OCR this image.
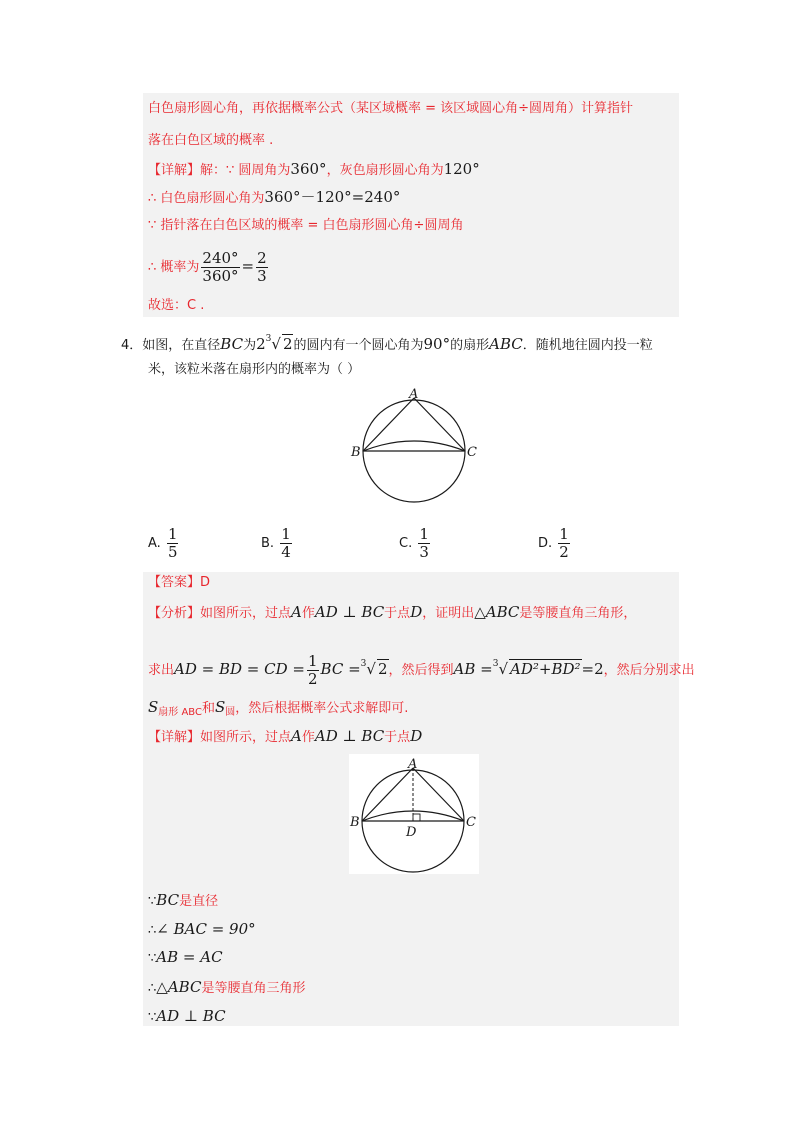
白色扇形圆心角，再依据概率公式（某区域概率 = 该区域圆心角÷圆周角）计算指针
落在白色区域的概率 .
【详解】解：∵ 圆周角为360°，灰色扇形圆心角为120°
∴ 白色扇形圆心角为360°－120°=240°
∵ 指针落在白色区域的概率 = 白色扇形圆心角÷圆周角
∴ 概率为 $\frac{240^\circ}{360^\circ} = \frac{2}{3}$
故选：C .
4．如图，在直径BC为$2^3√$ 2的圆内有一个圆心角为90°的扇形ABC．随机地往圆内投一粒
米，该粒米落在扇形内的概率为（ ）
A
B	C
A. $\frac{1}{5}$	B. $\frac{1}{4}$	C. $\frac{1}{3}$	D. $\frac{1}{2}$
【答案】D
【分析】如图所示，过点A作AD ⊥ BC于点D，证明出△ABC是等腰直角三角形，
求出AD = BD = CD = $\frac{1}{2}$ BC =$^3$√ 2，然后得到AB =$^3$√ AD²+BD²=2，然后分别求出
$S_{扇形 ABC}$和$S_圆$，然后根据概率公式求解即可.
【详解】如图所示，过点A作AD ⊥ BC于点D
A
B	C
D
∵BC是直径
∴∠ BAC = 90°
∵AB = AC
∴△ABC是等腰直角三角形
∵AD ⊥ BC
